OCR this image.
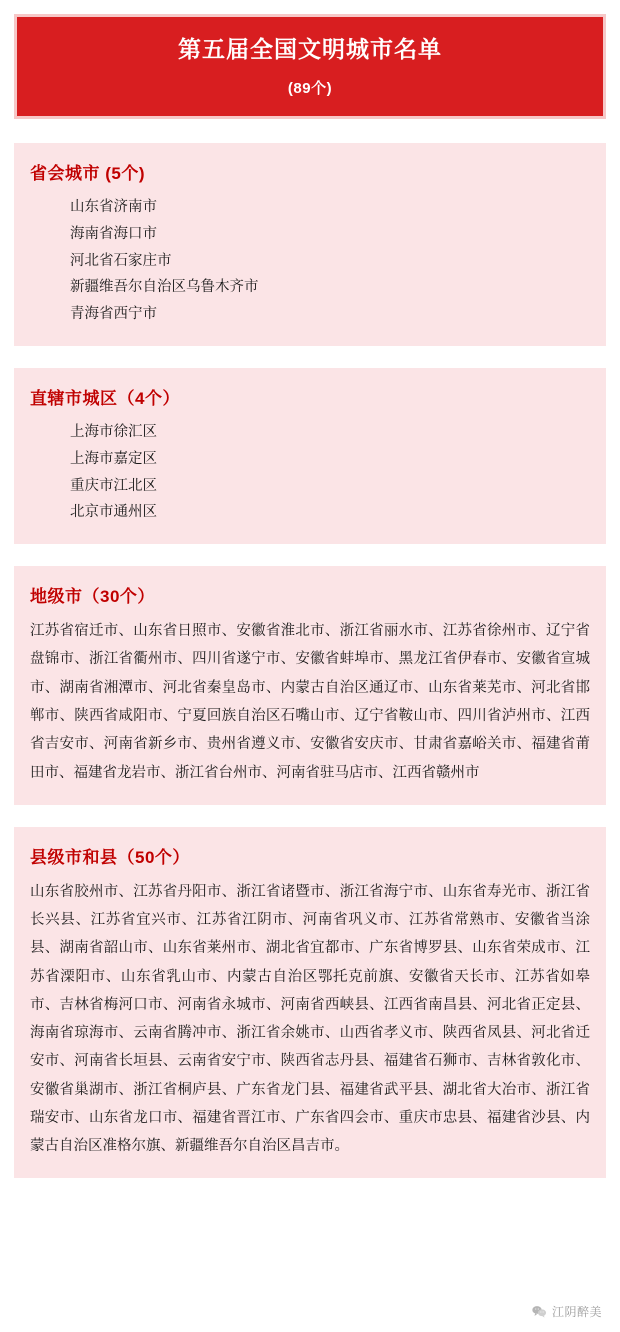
第五届全国文明城市名单
(89个)
省会城市 (5个)
山东省济南市
海南省海口市
河北省石家庄市
新疆维吾尔自治区乌鲁木齐市
青海省西宁市
直辖市城区（4个）
上海市徐汇区
上海市嘉定区
重庆市江北区
北京市通州区
地级市（30个）
江苏省宿迁市、山东省日照市、安徽省淮北市、浙江省丽水市、江苏省徐州市、辽宁省盘锦市、浙江省衢州市、四川省遂宁市、安徽省蚌埠市、黑龙江省伊春市、安徽省宣城市、湖南省湘潭市、河北省秦皇岛市、内蒙古自治区通辽市、山东省莱芜市、河北省邯郸市、陕西省咸阳市、宁夏回族自治区石嘴山市、辽宁省鞍山市、四川省泸州市、江西省吉安市、河南省新乡市、贵州省遵义市、安徽省安庆市、甘肃省嘉峪关市、福建省莆田市、福建省龙岩市、浙江省台州市、河南省驻马店市、江西省赣州市
县级市和县（50个）
山东省胶州市、江苏省丹阳市、浙江省诸暨市、浙江省海宁市、山东省寿光市、浙江省长兴县、江苏省宜兴市、江苏省江阴市、河南省巩义市、江苏省常熟市、安徽省当涂县、湖南省韶山市、山东省莱州市、湖北省宜都市、广东省博罗县、山东省荣成市、江苏省溧阳市、山东省乳山市、内蒙古自治区鄂托克前旗、安徽省天长市、江苏省如皋市、吉林省梅河口市、河南省永城市、河南省西峡县、江西省南昌县、河北省正定县、海南省琼海市、云南省腾冲市、浙江省余姚市、山西省孝义市、陕西省凤县、河北省迁安市、河南省长垣县、云南省安宁市、陕西省志丹县、福建省石狮市、吉林省敦化市、安徽省巢湖市、浙江省桐庐县、广东省龙门县、福建省武平县、湖北省大冶市、浙江省瑞安市、山东省龙口市、福建省晋江市、广东省四会市、重庆市忠县、福建省沙县、内蒙古自治区准格尔旗、新疆维吾尔自治区昌吉市。
江阴醉美
